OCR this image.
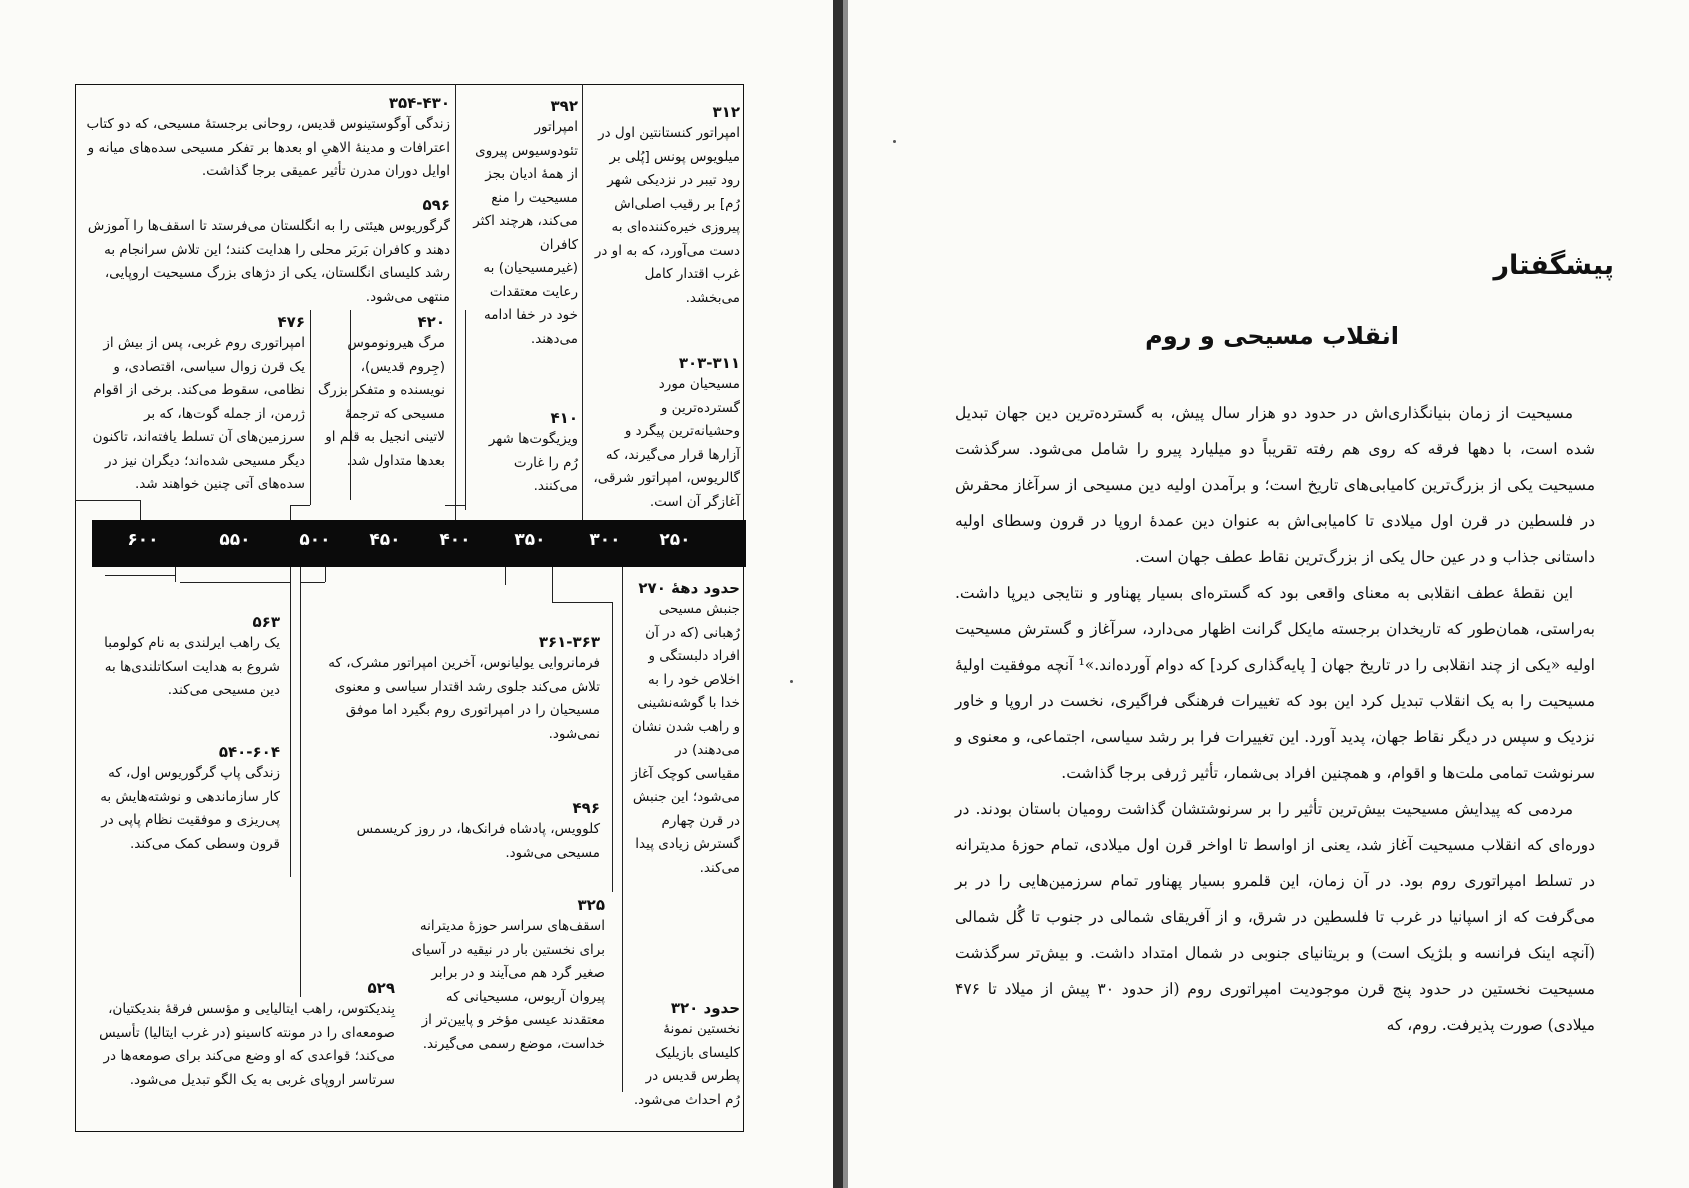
۶۰۰	۵۵۰	۵۰۰	۴۵۰	۴۰۰	۳۵۰	۳۰۰	۲۵۰
۳۵۴-۴۳۰
زندگی آوگوستینوس قدیس، روحانی برجستهٔ مسیحی، که دو کتاب اعترافات و مدینهٔ الاهیِ او بعدها بر تفکر مسیحی سده‌های میانه و اوایل دوران مدرن تأثیر عمیقی برجا گذاشت.
۵۹۶
گرگوریوس هیئتی را به انگلستان می‌فرستد تا اسقف‌ها را آموزش دهند و کافران بَربَر محلی را هدایت کنند؛ این تلاش سرانجام به رشد کلیسای انگلستان، یکی از دژهای بزرگ مسیحیت اروپایی، منتهی می‌شود.
۴۷۶
امپراتوری روم غربی، پس از بیش از یک قرن زوال سیاسی، اقتصادی، و نظامی، سقوط می‌کند. برخی از اقوام ژرمن، از جمله گوت‌ها، که بر سرزمین‌های آن تسلط یافته‌اند، تاکنون دیگر مسیحی شده‌اند؛ دیگران نیز در سده‌های آتی چنین خواهند شد.
۴۲۰
مرگ هیرونوموس (جِروم قدیس)، نویسنده و متفکر بزرگ مسیحی که ترجمهٔ لاتینی انجیل به قلم او بعدها متداول شد.
۳۹۲
امپراتور تئودوسیوس پیروی از همهٔ ادیان بجز مسیحیت را منع می‌کند، هرچند اکثر کافران (غیرمسیحیان) به رعایت معتقدات خود در خفا ادامه می‌دهند.
۴۱۰
ویزیگوت‌ها شهر رُم را غارت می‌کنند.
۳۱۲
امپراتور کنستانتین اول در میلویوس پونس [پُلی بر رود تیبر در نزدیکی شهر رُم] بر رقیب اصلی‌اش پیروزی خیره‌کننده‌ای به دست می‌آورد، که به او در غرب اقتدار کامل می‌بخشد.
۳۰۳-۳۱۱
مسیحیان مورد گسترده‌ترین و وحشیانه‌ترین پیگرد و آزارها قرار می‌گیرند، که گالریوس، امپراتور شرقی، آغازگر آن است.
۵۶۳
یک راهب ایرلندی به نام کولومبا شروع به هدایت اسکاتلندی‌ها به دین مسیحی می‌کند.
۵۴۰-۶۰۴
زندگی پاپ گرگوریوس اول، که کار سازماندهی و نوشته‌هایش به پی‌ریزی و موفقیت نظام پاپی در قرون وسطی کمک می‌کند.
۳۶۱-۳۶۳
فرمانروایی یولیانوس، آخرین امپراتور مشرک، که تلاش می‌کند جلوی رشد اقتدار سیاسی و معنوی مسیحیان را در امپراتوری روم بگیرد اما موفق نمی‌شود.
۴۹۶
کلوویس، پادشاه فرانک‌ها، در روز کریسمس مسیحی می‌شود.
حدود دههٔ ۲۷۰
جنبش مسیحی رُهبانی (که در آن افراد دلبستگی و اخلاص خود را به خدا با گوشه‌نشینی و راهب شدن نشان می‌دهند) در مقیاسی کوچک آغاز می‌شود؛ این جنبش در قرن چهارم گسترش زیادی پیدا می‌کند.
۳۲۵
اسقف‌های سراسر حوزهٔ مدیترانه برای نخستین بار در نیقیه در آسیای صغیر گرد هم می‌آیند و در برابر پیروان آریوس، مسیحیانی که معتقدند عیسی مؤخر و پایین‌تر از خداست، موضع رسمی می‌گیرند.
۵۲۹
بِندیکتوس، راهب ایتالیایی و مؤسس فرقهٔ بندیکتیان، صومعه‌ای را در مونته کاسینو (در غرب ایتالیا) تأسیس می‌کند؛ قواعدی که او وضع می‌کند برای صومعه‌ها در سرتاسر اروپای غربی به یک الگو تبدیل می‌شود.
حدود ۳۲۰
نخستین نمونهٔ کلیسای بازیلیک پطرس قدیس در رُم احداث می‌شود.
پیشگفتار
انقلاب مسیحی و روم

مسیحیت از زمان بنیانگذاری‌اش در حدود دو هزار سال پیش، به گسترده‌ترین دین جهان تبدیل شده است، با دهها فرقه که روی هم رفته تقریباً دو میلیارد پیرو را شامل می‌شود. سرگذشت مسیحیت یکی از بزرگ‌ترین کامیابی‌های تاریخ است؛ و برآمدن اولیه دین مسیحی از سرآغاز محقرش در فلسطین در قرن اول میلادی تا کامیابی‌اش به عنوان دین عمدهٔ اروپا در قرون وسطای اولیه داستانی جذاب و در عین حال یکی از بزرگ‌ترین نقاط عطف جهان است.

این نقطهٔ عطف انقلابی به معنای واقعی بود که گستره‌ای بسیار پهناور و نتایجی دیرپا داشت. به‌راستی، همان‌طور که تاریخدان برجسته مایکل گرانت اظهار می‌دارد، سرآغاز و گسترش مسیحیت اولیه «یکی از چند انقلابی را در تاریخ جهان [ پایه‌گذاری کرد] که دوام آورده‌اند.»¹ آنچه موفقیت اولیهٔ مسیحیت را به یک انقلاب تبدیل کرد این بود که تغییرات فرهنگی فراگیری، نخست در اروپا و خاور نزدیک و سپس در دیگر نقاط جهان، پدید آورد. این تغییرات فرا بر رشد سیاسی، اجتماعی، و معنوی و سرنوشت تمامی ملت‌ها و اقوام، و همچنین افراد بی‌شمار، تأثیر ژرفی برجا گذاشت.

مردمی که پیدایش مسیحیت بیش‌ترین تأثیر را بر سرنوشتشان گذاشت رومیان باستان بودند. در دوره‌ای که انقلاب مسیحیت آغاز شد، یعنی از اواسط تا اواخر قرن اول میلادی، تمام حوزهٔ مدیترانه در تسلط امپراتوری روم بود. در آن زمان، این قلمرو بسیار پهناور تمام سرزمین‌هایی را در بر می‌گرفت که از اسپانیا در غرب تا فلسطین در شرق، و از آفریقای شمالی در جنوب تا گُل شمالی (آنچه اینک فرانسه و بلژیک است) و بریتانیای جنوبی در شمال امتداد داشت. و بیش‌تر سرگذشت مسیحیت نخستین در حدود پنج قرن موجودیت امپراتوری روم (از حدود ۳۰ پیش از میلاد تا ۴۷۶ میلادی) صورت پذیرفت. روم، که
